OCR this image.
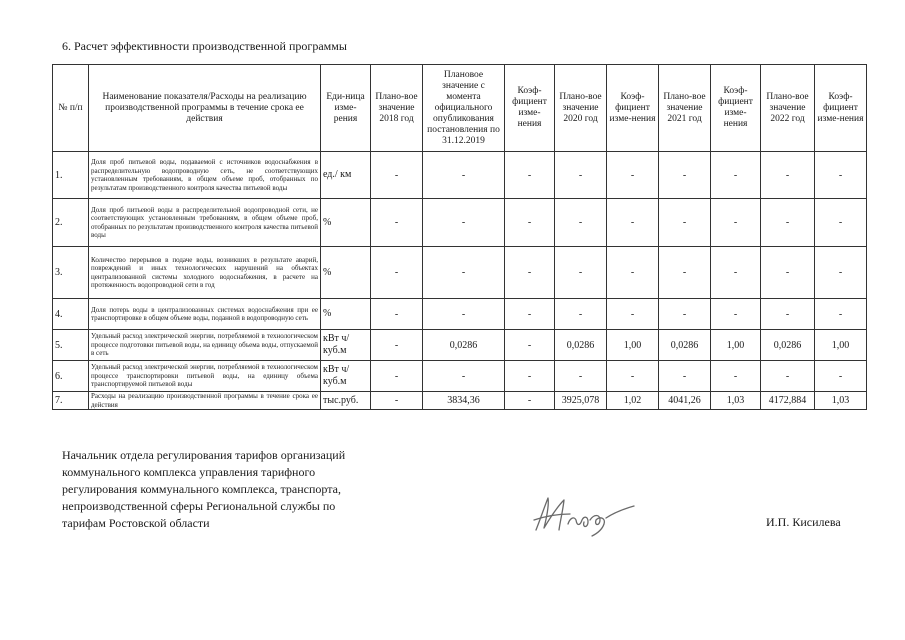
6. Расчет эффективности производственной программы
№ п/п	Наименование показателя/Расходы на реализацию производственной программы в течение срока ее действия	Еди-ница изме-рения	Плано-вое значение 2018 год	Плановое значение с момента официального опубликования постановления по 31.12.2019	Коэф-фициент изме-нения	Плано-вое значение 2020 год	Коэф-фициент изме-нения	Плано-вое значение 2021 год	Коэф-фициент изме-нения	Плано-вое значение 2022 год	Коэф-фициент изме-нения
1.	Доля проб питьевой воды, подаваемой с источников водоснабжения в распределительную водопроводную сеть, не соответствующих установленным требованиям, в общем объеме проб, отобранных по результатам производственного контроля качества питьевой воды	ед./ км	-	-	-	-	-	-	-	-	-
2.	Доля проб питьевой воды в распределительной водопроводной сети, не соответствующих установленным требованиям, в общем объеме проб, отобранных по результатам производственного контроля качества питьевой воды	%	-	-	-	-	-	-	-	-	-
3.	Количество перерывов в подаче воды, возникших в результате аварий, повреждений и иных технологических нарушений на объектах централизованной системы холодного водоснабжения, в расчете на протяженность водопроводной сети в год	%	-	-	-	-	-	-	-	-	-
4.	Доля потерь воды в централизованных системах водоснабжения при ее транспортировке в общем объеме воды, поданной в водопроводную сеть	%	-	-	-	-	-	-	-	-	-
5.	Удельный расход электрической энергии, потребляемой в технологическом процессе подготовки питьевой воды, на единицу объема воды, отпускаемой в сеть	кВт ч/куб.м	-	0,0286	-	0,0286	1,00	0,0286	1,00	0,0286	1,00
6.	Удельный расход электрической энергии, потребляемой в технологическом процессе транспортировки питьевой воды, на единицу объема транспортируемой питьевой воды	кВт ч/куб.м	-	-	-	-	-	-	-	-	-
7.	Расходы на реализацию производственной программы в течение срока ее действия	тыс.руб.	-	3834,36	-	3925,078	1,02	4041,26	1,03	4172,884	1,03
Начальник отдела регулирования тарифов организаций коммунального комплекса управления тарифного регулирования коммунального комплекса, транспорта, непроизводственной сферы Региональной службы по тарифам Ростовской области	И.П. Кисилева
